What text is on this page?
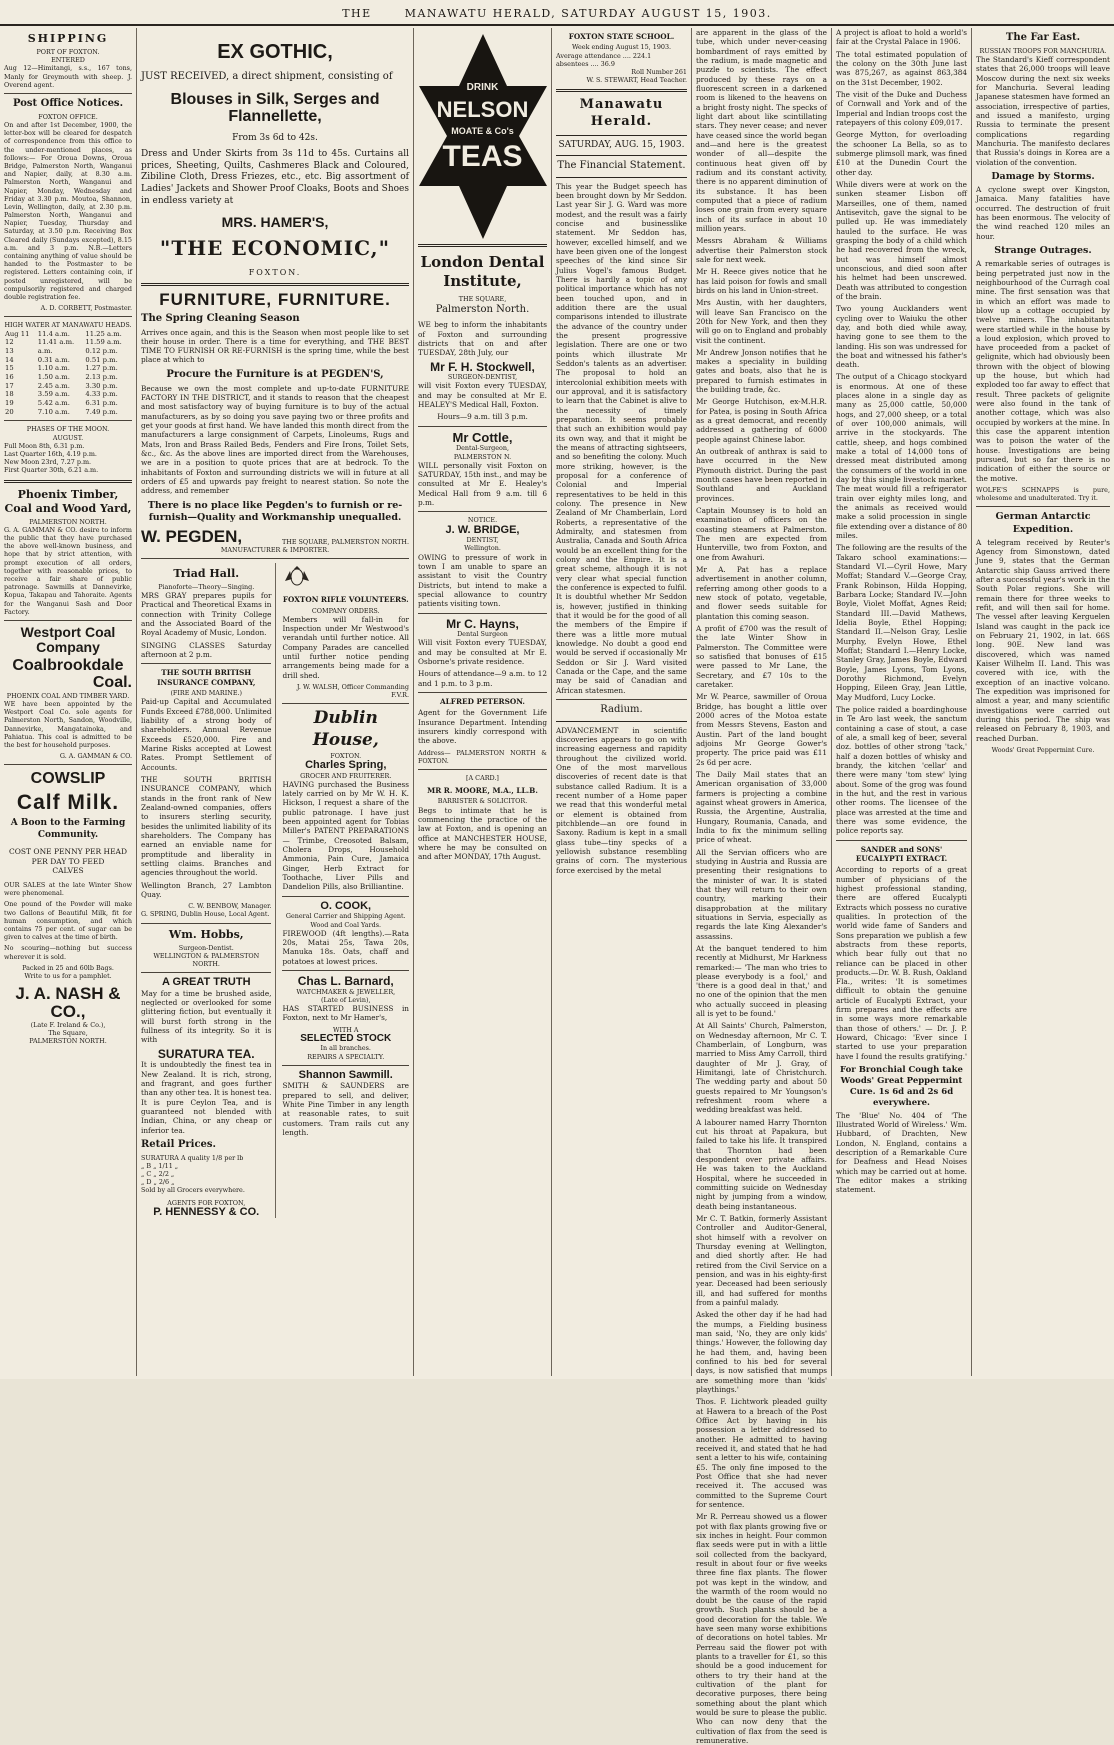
THE	MANAWATU HERALD, SATURDAY AUGUST 15, 1903.
SHIPPING
PORT OF FOXTON.
ENTERED

Aug 12—Himitangi, s.s., 167 tons, Manly for Greymouth with sheep. J. Overend agent.

Post Office Notices.
FOXTON OFFICE.

On and after 1st December, 1900, the letter-box will be cleared for despatch of correspondence from this office to the under-mentioned places, as follows:— For Oroua Downs, Oroua Bridge, Palmerston North, Wanganui and Napier, daily, at 8.30 a.m. Palmerston North, Wanganui and Napier, Monday, Wednesday and Friday at 3.30 p.m. Moutoa, Shannon, Levin, Wellington, daily, at 2.30 p.m. Palmerston North, Wanganui and Napier, Tuesday, Thursday and Saturday, at 3.50 p.m. Receiving Box Cleared daily (Sundays excepted), 8.15 a.m. and 3 p.m. N.B.—Letters containing anything of value should be handed to the Postmaster to be registered. Letters containing coin, if posted unregistered, will be compulsorily registered and charged double registration fee.

A. D. CORBETT, Postmaster.
HIGH WATER AT MANAWATU HEADS.
Aug 11	11.4 a.m.	11.25 a.m.
12	11.41 a.m.	11.59 a.m.
13	a.m.	0.12 p.m.
14	0.31 a.m.	0.51 p.m.
15	1.10 a.m.	1.27 p.m.
16	1.50 a.m.	2.13 p.m.
17	2.45 a.m.	3.30 p.m.
18	3.59 a.m.	4.33 p.m.
19	5.42 a.m.	6.31 p.m.
20	7.10 a.m.	7.49 p.m.
PHASES OF THE MOON.
AUGUST.
Full Moon 8th, 6.31 p.m.
Last Quarter 16th, 4.19 p.m.
New Moon 23rd, 7.27 p.m.
First Quarter 30th, 6.21 a.m.
Phoenix Timber, Coal and Wood Yard,
PALMERSTON NORTH.

G. A. GAMMAN & CO. desire to inform the public that they have purchased the above well-known business, and hope that by strict attention, with prompt execution of all orders, together with reasonable prices, to receive a fair share of public patronage. Sawmills at Dannevirke, Kopua, Takapau and Tahoraite. Agents for the Wanganui Sash and Door Factory.

Westport Coal Company
Coalbrookdale
Coal.
PHOENIX COAL AND TIMBER YARD.

WE have been appointed by the Westport Coal Co. sole agents for Palmerston North, Sandon, Woodville, Dannevirke, Mangatainoka, and Pahiatua. This coal is admitted to be the best for household purposes.

G. A. GAMMAN & CO.
COWSLIP
Calf Milk.
A Boon to the Farming Community.
COST ONE PENNY PER HEAD
PER DAY TO FEED
CALVES

OUR SALES at the late Winter Show were phenomenal.

One pound of the Powder will make two Gallons of Beautiful Milk, fit for human consumption, and which contains 75 per cent. of sugar can be given to calves at the time of birth.

No scouring—nothing but success wherever it is sold.

Packed in 25 and 60lb Bags.
Write to us for a pamphlet.
J. A. NASH & CO.,
(Late F. Ireland & Co.),
The Square,
PALMERSTON NORTH.
EX GOTHIC,

JUST RECEIVED, a direct shipment, consisting of

Blouses in Silk, Serges and Flannellette,
From 3s 6d to 42s.

Dress and Under Skirts from 3s 11d to 45s. Curtains all prices, Sheeting, Quilts, Cashmeres Black and Coloured, Zibiline Cloth, Dress Friezes, etc., etc. Big assortment of Ladies' Jackets and Shower Proof Cloaks, Boots and Shoes in endless variety at

MRS. HAMER'S,
"THE ECONOMIC,"
FOXTON.
FURNITURE, FURNITURE.
The Spring Cleaning Season

Arrives once again, and this is the Season when most people like to set their house in order. There is a time for everything, and THE BEST TIME TO FURNISH OR RE-FURNISH is the spring time, while the best place at which to

Procure the Furniture is at PEGDEN'S,

Because we own the most complete and up-to-date FURNITURE FACTORY IN THE DISTRICT, and it stands to reason that the cheapest and most satisfactory way of buying furniture is to buy of the actual manufacturers, as by so doing you save paying two or three profits and get your goods at first hand. We have landed this month direct from the manufacturers a large consignment of Carpets, Linoleums, Rugs and Mats, Iron and Brass Railed Beds, Fenders and Fire Irons, Toilet Sets, &c., &c. As the above lines are imported direct from the Warehouses, we are in a position to quote prices that are at bedrock. To the inhabitants of Foxton and surrounding districts we will in future at all orders of £5 and upwards pay freight to nearest station. So note the address, and remember

There is no place like Pegden's to furnish or re-furnish—Quality and Workmanship unequalled.
W. PEGDEN,	THE SQUARE, PALMERSTON NORTH.
MANUFACTURER & IMPORTER.
Triad Hall.
Pianoforte—Theory—Singing.

MRS GRAY prepares pupils for Practical and Theoretical Exams in connection with Trinity College and the Associated Board of the Royal Academy of Music, London.

SINGING CLASSES Saturday afternoon at 2 p.m.

THE SOUTH BRITISH INSURANCE COMPANY,
(FIRE AND MARINE.)

Paid-up Capital and Accumulated Funds Exceed £788,000. Unlimited liability of a strong body of shareholders. Annual Revenue Exceeds £520,000. Fire and Marine Risks accepted at Lowest Rates. Prompt Settlement of Accounts.

THE SOUTH BRITISH INSURANCE COMPANY, which stands in the front rank of New Zealand-owned companies, offers to insurers sterling security, besides the unlimited liability of its shareholders. The Company has earned an enviable name for promptitude and liberality in settling claims. Branches and agencies throughout the world.

Wellington Branch, 27 Lambton Quay.

C. W. BENBOW, Manager.

G. SPRING, Dublin House, Local Agent.

Wm. Hobbs,
Surgeon-Dentist.
WELLINGTON & PALMERSTON NORTH.
A GREAT TRUTH

May for a time be brushed aside, neglected or overlooked for some glittering fiction, but eventually it will burst forth strong in the fullness of its integrity. So it is with

SURATURA TEA.

It is undoubtedly the finest tea in New Zealand. It is rich, strong, and fragrant, and goes further than any other tea. It is honest tea. It is pure Ceylon Tea, and is guaranteed not blended with Indian, China, or any cheap or inferior tea.

Retail Prices.
SURATURA A quality 1/8 per lb
„ B „ 1/11 „
„ C „ 2/2 „
„ D „ 2/6 „
Sold by all Grocers everywhere.
AGENTS FOR FOXTON,
P. HENNESSY & CO.
FOXTON RIFLE VOLUNTEERS.
COMPANY ORDERS.

Members will fall-in for Inspection under Mr Westwood's verandah until further notice. All Company Parades are cancelled until further notice pending arrangements being made for a drill shed.

J. W. WALSH, Officer Commanding F.V.R.
Dublin House,
FOXTON.
Charles Spring,
GROCER AND FRUITERER.

HAVING purchased the Business lately carried on by Mr W. H. K. Hickson, I request a share of the public patronage. I have just been appointed agent for Tobias Miller's PATENT PREPARATIONS — Trimbe, Creosoted Balsam, Cholera Drops, Household Ammonia, Pain Cure, Jamaica Ginger, Herb Extract for Toothache, Liver Pills and Dandelion Pills, also Brilliantine.

O. COOK,
General Carrier and Shipping Agent.
Wood and Coal Yards.

FIREWOOD (4ft lengths).—Rata 20s, Matai 25s, Tawa 20s, Manuka 18s. Oats, chaff and potatoes at lowest prices.

Chas L. Barnard,
WATCHMAKER & JEWELLER,
(Late of Levin),

HAS STARTED BUSINESS in Foxton, next to Mr Hamer's,

WITH A
SELECTED STOCK
In all branches.
REPAIRS A SPECIALTY.
Shannon Sawmill.

SMITH & SAUNDERS are prepared to sell, and deliver, White Pine Timber in any length at reasonable rates, to suit customers. Tram rails cut any length.

DRINK
NELSON
MOATE & Co's
TEAS
London Dental Institute,
THE SQUARE,
Palmerston North.

WE beg to inform the inhabitants of Foxton and surrounding districts that on and after TUESDAY, 28th July, our

Mr F. H. Stockwell,
SURGEON-DENTIST,

will visit Foxton every TUESDAY, and may be consulted at Mr E. HEALEY'S Medical Hall, Foxton.

Hours—9 a.m. till 3 p.m.
Mr Cottle,
Dental-Surgeon,
PALMERSTON N.

WILL personally visit Foxton on SATURDAY, 15th inst., and may be consulted at Mr E. Healey's Medical Hall from 9 a.m. till 6 p.m.

NOTICE.
J. W. BRIDGE,
DENTIST,
Wellington.

OWING to pressure of work in town I am unable to spare an assistant to visit the Country Districts, but intend to make a special allowance to country patients visiting town.

Mr C. Hayns,
Dental Surgeon

Will visit Foxton every TUESDAY, and may be consulted at Mr E. Osborne's private residence.

Hours of attendance—9 a.m. to 12 and 1 p.m. to 3 p.m.

ALFRED PETERSON.

Agent for the Government Life Insurance Department. Intending insurers kindly correspond with the above.

Address— PALMERSTON NORTH & FOXTON.

[A CARD.]
MR R. MOORE, M.A., LL.B.
BARRISTER & SOLICITOR.

Begs to intimate that he is commencing the practice of the law at Foxton, and is opening an office at MANCHESTER HOUSE, where he may be consulted on and after MONDAY, 17th August.

FOXTON STATE SCHOOL.
Week ending August 15, 1903.
Average attendance .... 224.1
absentees .... 36.9
Roll Number 261
W. S. STEWART, Head Teacher.
Manawatu Herald.
SATURDAY, AUG. 15, 1903.
The Financial Statement.

This year the Budget speech has been brought down by Mr Seddon. Last year Sir J. G. Ward was more modest, and the result was a fairly concise and businesslike statement. Mr Seddon has, however, excelled himself, and we have been given one of the longest speeches of the kind since Sir Julius Vogel's famous Budget. There is hardly a topic of any political importance which has not been touched upon, and in addition there are the usual comparisons intended to illustrate the advance of the country under the present progressive legislation. There are one or two points which illustrate Mr Seddon's talents as an advertiser. The proposal to hold an intercolonial exhibition meets with our approval, and it is satisfactory to learn that the Cabinet is alive to the necessity of timely preparation. It seems probable that such an exhibition would pay its own way, and that it might be the means of attracting sightseers, and so benefiting the colony. Much more striking, however, is the proposal for a conference of Colonial and Imperial representatives to be held in this colony. The presence in New Zealand of Mr Chamberlain, Lord Roberts, a representative of the Admiralty, and statesmen from Australia, Canada and South Africa would be an excellent thing for the colony and the Empire. It is a great scheme, although it is not very clear what special function the conference is expected to fulfil. It is doubtful whether Mr Seddon is, however, justified in thinking that it would be for the good of all the members of the Empire if there was a little more mutual knowledge. No doubt a good end would be served if occasionally Mr Seddon or Sir J. Ward visited Canada or the Cape, and the same may be said of Canadian and African statesmen.

Radium.

ADVANCEMENT in scientific discoveries appears to go on with increasing eagerness and rapidity throughout the civilized world. One of the most marvellous discoveries of recent date is that substance called Radium. It is a recent number of a Home paper we read that this wonderful metal or element is obtained from pitchblende—an ore found in Saxony. Radium is kept in a small glass tube—tiny specks of a yellowish substance resembling grains of corn. The mysterious force exercised by the metal

are apparent in the glass of the tube, which under never-ceasing bombardment of rays emitted by the radium, is made magnetic and puzzle to scientists. The effect produced by these rays on a fluorescent screen in a darkened room is likened to the heavens on a bright frosty night. The specks of light dart about like scintillating stars. They never cease; and never have ceased since the world began and—and here is the greatest wonder of all—despite the continuous heat given off by radium and its constant activity, there is no apparent diminution of its substance. It has been computed that a piece of radium loses one grain from every square inch of its surface in about 10 million years.

Messrs Abraham & Williams advertise their Palmerston stock sale for next week.

Mr H. Reece gives notice that he has laid poison for fowls and small birds on his land in Union-street.

Mrs Austin, with her daughters, will leave San Francisco on the 20th for New York, and then they will go on to England and probably visit the continent.

Mr Andrew Jonson notifies that he makes a speciality in building gates and boats, also that he is prepared to furnish estimates in the building trade, &c.

Mr George Hutchison, ex-M.H.R. for Patea, is posing in South Africa as a great democrat, and recently addressed a gathering of 6000 people against Chinese labor.

An outbreak of anthrax is said to have occurred in the New Plymouth district. During the past month cases have been reported in Southland and Auckland provinces.

Captain Mounsey is to hold an examination of officers on the coasting steamers at Palmerston. The men are expected from Hunterville, two from Foxton, and one from Awahuri.

Mr A. Pat has a replace advertisement in another column, referring among other goods to a new stock of potato, vegetable, and flower seeds suitable for plantation this coming season.

A profit of £700 was the result of the late Winter Show in Palmerston. The Committee were so satisfied that bonuses of £15 were passed to Mr Lane, the Secretary, and £7 10s to the caretaker.

Mr W. Pearce, sawmiller of Oroua Bridge, has bought a little over 2000 acres of the Motoa estate from Messrs Stevens, Easton and Austin. Part of the land bought adjoins Mr George Gower's property. The price paid was £11 2s 6d per acre.

The Daily Mail states that an American organisation of 33,000 farmers is projecting a combine against wheat growers in America, Russia, the Argentine, Australia, Hungary, Roumania, Canada, and India to fix the minimum selling price of wheat.

All the Servian officers who are studying in Austria and Russia are presenting their resignations to the minister of war. It is stated that they will return to their own country, marking their disapprobation at the military situations in Servia, especially as regards the late King Alexander's assassins.

At the banquet tendered to him recently at Midhurst, Mr Harkness remarked:— 'The man who tries to please everybody is a fool,' and 'there is a good deal in that,' and no one of the opinion that the men who actually succeed in pleasing all is yet to be found.'

At All Saints' Church, Palmerston, on Wednesday afternoon, Mr C. T. Chamberlain, of Longburn, was married to Miss Amy Carroll, third daughter of Mr J. Gray, of Himitangi, late of Christchurch. The wedding party and about 50 guests repaired to Mr Youngson's refreshment room where a wedding breakfast was held.

A labourer named Harry Thornton cut his throat at Papakura, but failed to take his life. It transpired that Thornton had been despondent over private affairs. He was taken to the Auckland Hospital, where he succeeded in committing suicide on Wednesday night by jumping from a window, death being instantaneous.

Mr C. T. Batkin, formerly Assistant Controller and Auditor-General, shot himself with a revolver on Thursday evening at Wellington, and died shortly after. He had retired from the Civil Service on a pension, and was in his eighty-first year. Deceased had been seriously ill, and had suffered for months from a painful malady.

Asked the other day if he had had the mumps, a Fielding business man said, 'No, they are only kids' things.' However, the following day he had them, and, having been confined to his bed for several days, is now satisfied that mumps are something more than 'kids' playthings.'

Thos. F. Lichtwork pleaded guilty at Hawera to a breach of the Post Office Act by having in his possession a letter addressed to another. He admitted to having received it, and stated that he had sent a letter to his wife, containing £5. The only fine imposed to the Post Office that she had never received it. The accused was committed to the Supreme Court for sentence.

Mr R. Perreau showed us a flower pot with flax plants growing five or six inches in height. Four common flax seeds were put in with a little soil collected from the backyard, result in about four or five weeks three fine flax plants. The flower pot was kept in the window, and the warmth of the room would no doubt be the cause of the rapid growth. Such plants should be a good decoration for the table. We have seen many worse exhibitions of decorations on hotel tables. Mr Perreau said the flower pot with plants to a traveller for £1, so this should be a good inducement for others to try their hand at the cultivation of the plant for decorative purposes, there being something about the plant which would be sure to please the public. Who can now deny that the cultivation of flax from the seed is remunerative.

A project is afloat to hold a world's fair at the Crystal Palace in 1906.

The total estimated population of the colony on the 30th June last was 875,267, as against 863,384 on the 31st December, 1902.

The visit of the Duke and Duchess of Cornwall and York and of the Imperial and Indian troops cost the ratepayers of this colony £09,017.

George Mytton, for overloading the schooner La Bella, so as to submerge plimsoll mark, was fined £10 at the Dunedin Court the other day.

While divers were at work on the sunken steamer Lisbon off Marseilles, one of them, named Antisevitch, gave the signal to be pulled up. He was immediately hauled to the surface. He was grasping the body of a child which he had recovered from the wreck, but was himself almost unconscious, and died soon after his helmet had been unscrewed. Death was attributed to congestion of the brain.

Two young Aucklanders went cycling over to Waiuku the other day, and both died while away, having gone to see them to the landing. His son was undressed for the boat and witnessed his father's death.

The output of a Chicago stockyard is enormous. At one of these places alone in a single day as many as 25,000 cattle, 50,000 hogs, and 27,000 sheep, or a total of over 100,000 animals, will arrive in the stockyards. The cattle, sheep, and hogs combined make a total of 14,000 tons of dressed meat distributed among the consumers of the world in one day by this single livestock market. The meat would fill a refrigerator train over eighty miles long, and the animals as received would make a solid procession in single file extending over a distance of 80 miles.

The following are the results of the Takaro school examinations:— Standard VI.—Cyril Howe, Mary Moffat; Standard V.—George Cray, Frank Robinson, Hilda Hopping, Barbara Locke; Standard IV.—John Boyle, Violet Moffat, Agnes Reid; Standard III.—David Mathews, Idelia Boyle, Ethel Hopping; Standard II.—Nelson Gray, Leslie Murphy, Evelyn Howe, Ethel Moffat; Standard I.—Henry Locke, Stanley Gray, James Boyle, Edward Boyle, James Lyons, Tom Lyons, Dorothy Richmond, Evelyn Hopping, Eileen Gray, Jean Little, May Mudford, Lucy Locke.

The police raided a boardinghouse in Te Aro last week, the sanctum containing a case of stout, a case of ale, a small keg of beer, several doz. bottles of other strong 'tack,' half a dozen bottles of whisky and brandy, the kitchen 'cellar' and there were many 'tom stew' lying about. Some of the grog was found in the hut, and the rest in various other rooms. The licensee of the place was arrested at the time and there was some evidence, the police reports say.

SANDER and SONS' EUCALYPTI EXTRACT.

According to reports of a great number of physicians of the highest professional standing, there are offered Eucalypti Extracts which possess no curative qualities. In protection of the world wide fame of Sanders and Sons preparation we publish a few abstracts from these reports, which bear fully out that no reliance can be placed in other products.—Dr. W. B. Rush, Oakland Fla., writes: 'It is sometimes difficult to obtain the genuine article of Eucalypti Extract, your firm prepares and the effects are in some ways more remarkable than those of others.' — Dr. J. P. Howard, Chicago: 'Ever since I started to use your preparation have I found the results gratifying.'

For Bronchial Cough take Woods' Great Peppermint Cure. 1s 6d and 2s 6d everywhere.

The 'Blue' No. 404 of 'The Illustrated World of Wireless.' Wm. Hubbard, of Drachten, New London, N. England, contains a description of a Remarkable Cure for Deafness and Head Noises which may be carried out at home. The editor makes a striking statement.

The Far East.
RUSSIAN TROOPS FOR MANCHURIA.

The Standard's Kieff correspondent states that 26,000 troops will leave Moscow during the next six weeks for Manchuria. Several leading Japanese statesmen have formed an association, irrespective of parties, and issued a manifesto, urging Russia to terminate the present complications regarding Manchuria. The manifesto declares that Russia's doings in Korea are a violation of the convention.

Damage by Storms.

A cyclone swept over Kingston, Jamaica. Many fatalities have occurred. The destruction of fruit has been enormous. The velocity of the wind reached 120 miles an hour.

Strange Outrages.

A remarkable series of outrages is being perpetrated just now in the neighbourhood of the Curragh coal mine. The first sensation was that in which an effort was made to blow up a cottage occupied by twelve miners. The inhabitants were startled while in the house by a loud explosion, which proved to have proceeded from a packet of gelignite, which had obviously been thrown with the object of blowing up the house, but which had exploded too far away to effect that result. Three packets of gelignite were also found in the tank of another cottage, which was also occupied by workers at the mine. In this case the apparent intention was to poison the water of the house. Investigations are being pursued, but so far there is no indication of either the source or the motive.

WOLFE'S SCHNAPPS is pure, wholesome and unadulterated. Try it.

German Antarctic Expedition.

A telegram received by Reuter's Agency from Simonstown, dated June 9, states that the German Antarctic ship Gauss arrived there after a successful year's work in the South Polar regions. She will remain there for three weeks to refit, and will then sail for home. The vessel after leaving Kerguelen Island was caught in the pack ice on February 21, 1902, in lat. 66S long. 90E. New land was discovered, which was named Kaiser Wilhelm II. Land. This was covered with ice, with the exception of an inactive volcano. The expedition was imprisoned for almost a year, and many scientific investigations were carried out during this period. The ship was released on February 8, 1903, and reached Durban.

Woods' Great Peppermint Cure.
